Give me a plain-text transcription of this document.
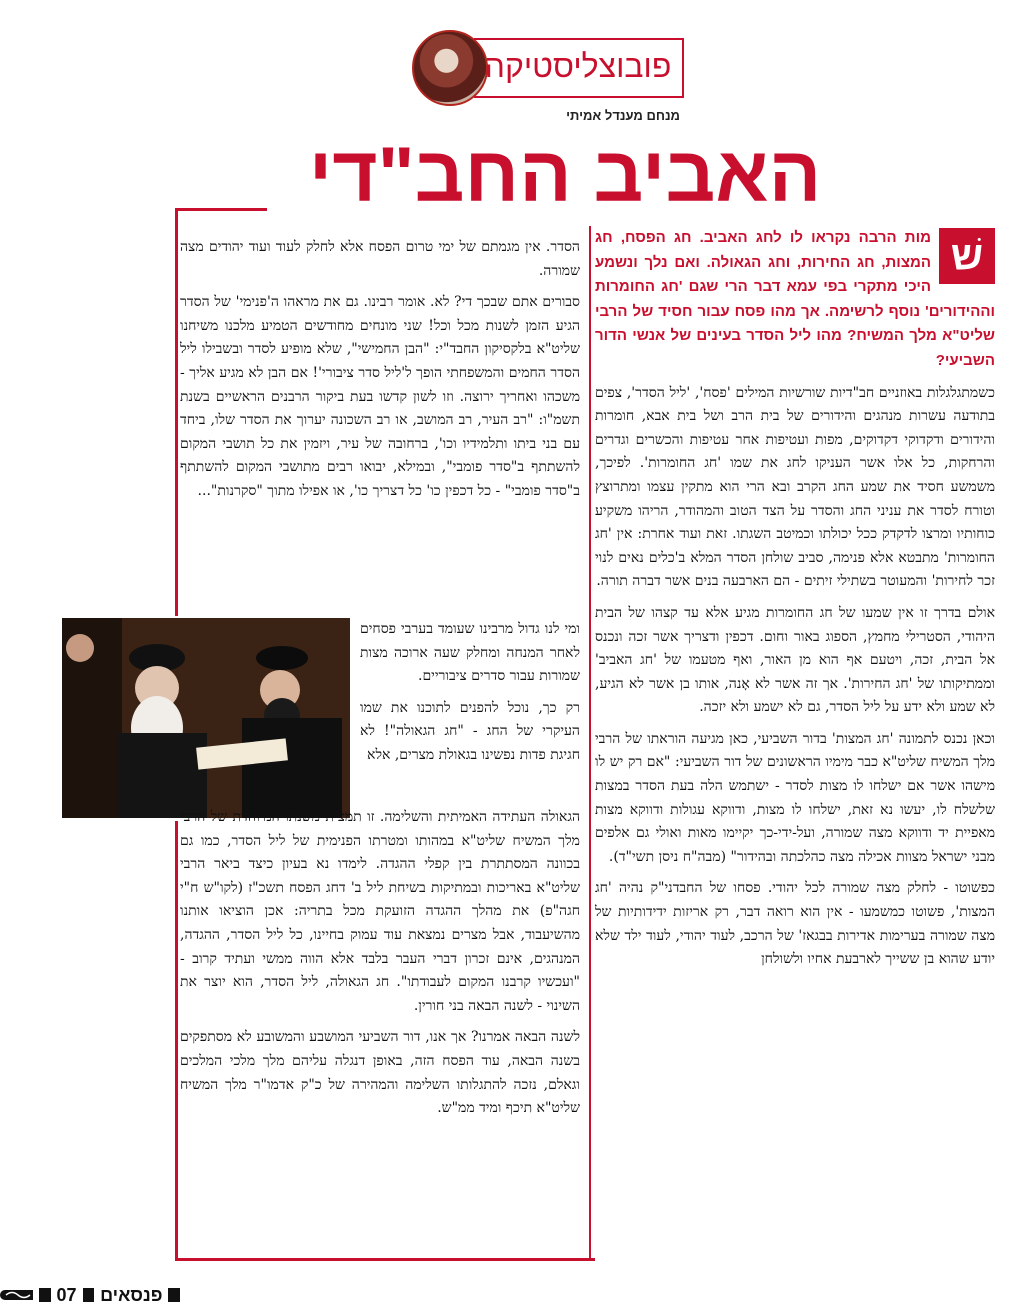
פובוצליסטיקה
מנחם מענדל אמיתי
האביב החב"די

שׁ
מות הרבה נקראו לו לחג האביב. חג הפסח, חג המצות, חג החירות, וחג הגאולה. ואם נלך ונשמע היכי מתקרי בפי עמא דבר הרי שגם 'חג החומרות וההידורים' נוסף לרשימה. אך מהו פסח עבור חסיד של הרבי שליט"א מלך המשיח? מהו ליל הסדר בעינים של אנשי הדור השביעי?

כשמתגלגלות באוזניים חב"דיות שורשיות המילים 'פסח', 'ליל הסדר', צפים בתודעה עשרות מנהגים והידורים של בית הרב ושל בית אבא, חומרות והידורים ודקדוקי דקדוקים, מפות ועטיפות אחר עטיפות והכשרים וגדרים והרחקות, כל אלו אשר העניקו לחג את שמו 'חג החומרות'. לפיכך, משמשע חסיד את שמע החג הקרב ובא הרי הוא מתקין עצמו ומתרוצץ וטורח לסדר את עניני החג והסדר על הצד הטוב והמהודר, הריהו משקיע כוחותיו ומרצו לדקדק ככל יכולתו וכמיטב השגתו. זאת ועוד אחרת: אין 'חג החומרות' מתבטא אלא פנימה, סביב שולחן הסדר המלא ב'כלים נאים לנוי זכר לחירות' והמעוטר בשתילי זיתים - הם הארבעה בנים אשר דברה תורה.

אולם בדרך זו אין שמעו של חג החומרות מגיע אלא עד קצהו של הבית היהודי, הסטרילי מחמץ, הספוג באור וחום. דכפין ודצריך אשר זכה ונכנס אל הבית, זכה, ויטעם אף הוא מן האור, ואף מטעמו של 'חג האביב' וממתיקותו של 'חג החירות'. אך זה אשר לא אָנה, אותו בן אשר לא הגיע, לא שמע ולא ידע על ליל הסדר, גם לא ישמע ולא יזכה.

וכאן נכנס לתמונה 'חג המצות' בדור השביעי, כאן מגיעה הוראתו של הרבי מלך המשיח שליט"א כבר מימיו הראשונים של דור השביעי: "אם רק יש לו מישהו אשר אם ישלחו לו מצות לסדר - ישתמש הלה בעת הסדר במצות שלשלח לו, יעשו נא זאת, ישלחו לו מצות, ודווקא עגולות ודווקא מצות מאפיית יד ודווקא מצה שמורה, ועל-ידי-כך יקיימו מאות ואולי גם אלפים מבני ישראל מצוות אכילה מצה כהלכתה ובהידור" (מבה"ח ניסן תשי"ד).

כפשוטו - לחלק מצה שמורה לכל יהודי. פסחו של החבדני"ק נהיה 'חג המצות', פשוטו כמשמעו - אין הוא רואה דבר, רק אריזות ידידותיות של מצה שמורה בערימות אדירות בבגאז' של הרכב, לעוד יהודי, לעוד ילד שלא יודע שהוא בן ששייך לארבעת אחיו ולשולחן

הסדר. אין מגמתם של ימי טרום הפסח אלא לחלק לעוד ועוד יהודים מצה שמורה.

סבורים אתם שבכך די? לא. אומר רבינו. גם את מראהו ה'פנימי' של הסדר הגיע הזמן לשנות מכל וכל! שני מונחים מחודשים הטמיע מלכנו משיחנו שליט"א בלקסיקון החבד"י: "הבן החמישי", שלא מופיע לסדר ובשבילו ליל הסדר החמים והמשפחתי הופך ל'ליל סדר ציבורי'! אם הבן לא מגיע אליך - משכהו ואחריך ירוצה. וזו לשון קדשו בעת ביקור הרבנים הראשיים בשנת תשמ"ו: "רב העיר, רב המושב, או רב השכונה יערוך את הסדר שלו, ביחד עם בני ביתו ותלמידיו וכו', ברחובה של עיר, ויזמין את כל תושבי המקום להשתתף ב"סדר פומבי", ובמילא, יבואו רבים מתושבי המקום להשתתף ב"סדר פומבי" - כל דכפין כו' כל דצריך כו', או אפילו מתוך "סקרנות"...

ומי לנו גדול מרבינו שעומד בערבי פסחים לאחר המנחה ומחלק שעה ארוכה מצות שמורות עבור סדרים ציבוריים.

רק כך, נוכל להפנים לתוכנו את שמו העיקרי של החג - "חג הגאולה"! לא חגיגת פדות נפשינו בגאולת מצרים, אלא

הגאולה העתידה האמיתית והשלימה. זו תמצית משנתו המיוחדת של הרבי מלך המשיח שליט"א במהותו ומטרתו הפנימית של ליל הסדר, כמו גם בכוונה המסתתרת בין קפלי ההגדה. לימדו נא בעיון כיצד ביאר הרבי שליט"א באריכות ובמתיקות בשיחת ליל ב' דחג הפסח תשכ"ז (לקו"ש ח"י חגה"פ) את מהלך ההגדה הזועקת מכל בתריה: אכן הוציאו אותנו מהשיעבוד, אבל מצרים נמצאת עוד עמוק בחיינו, כל ליל הסדר, ההגדה, המנהגים, אינם זכרון דברי העבר בלבד אלא הווה ממשי ועתיד קרוב - "ועכשיו קרבנו המקום לעבודתו". חג הגאולה, ליל הסדר, הוא יוצר את השינוי - לשנה הבאה בני חורין.

לשנה הבאה אמרנו? אך אנו, דור השביעי המושבע והמשובע לא מסתפקים בשנה הבאה, עוד הפסח הזה, באופן דנגלה עליהם מלך מלכי המלכים וגאלם, נזכה להתגלותו השלימה והמהירה של כ"ק אדמו"ר מלך המשיח שליט"א תיכף ומיד ממ"ש.

07 פנסאים
